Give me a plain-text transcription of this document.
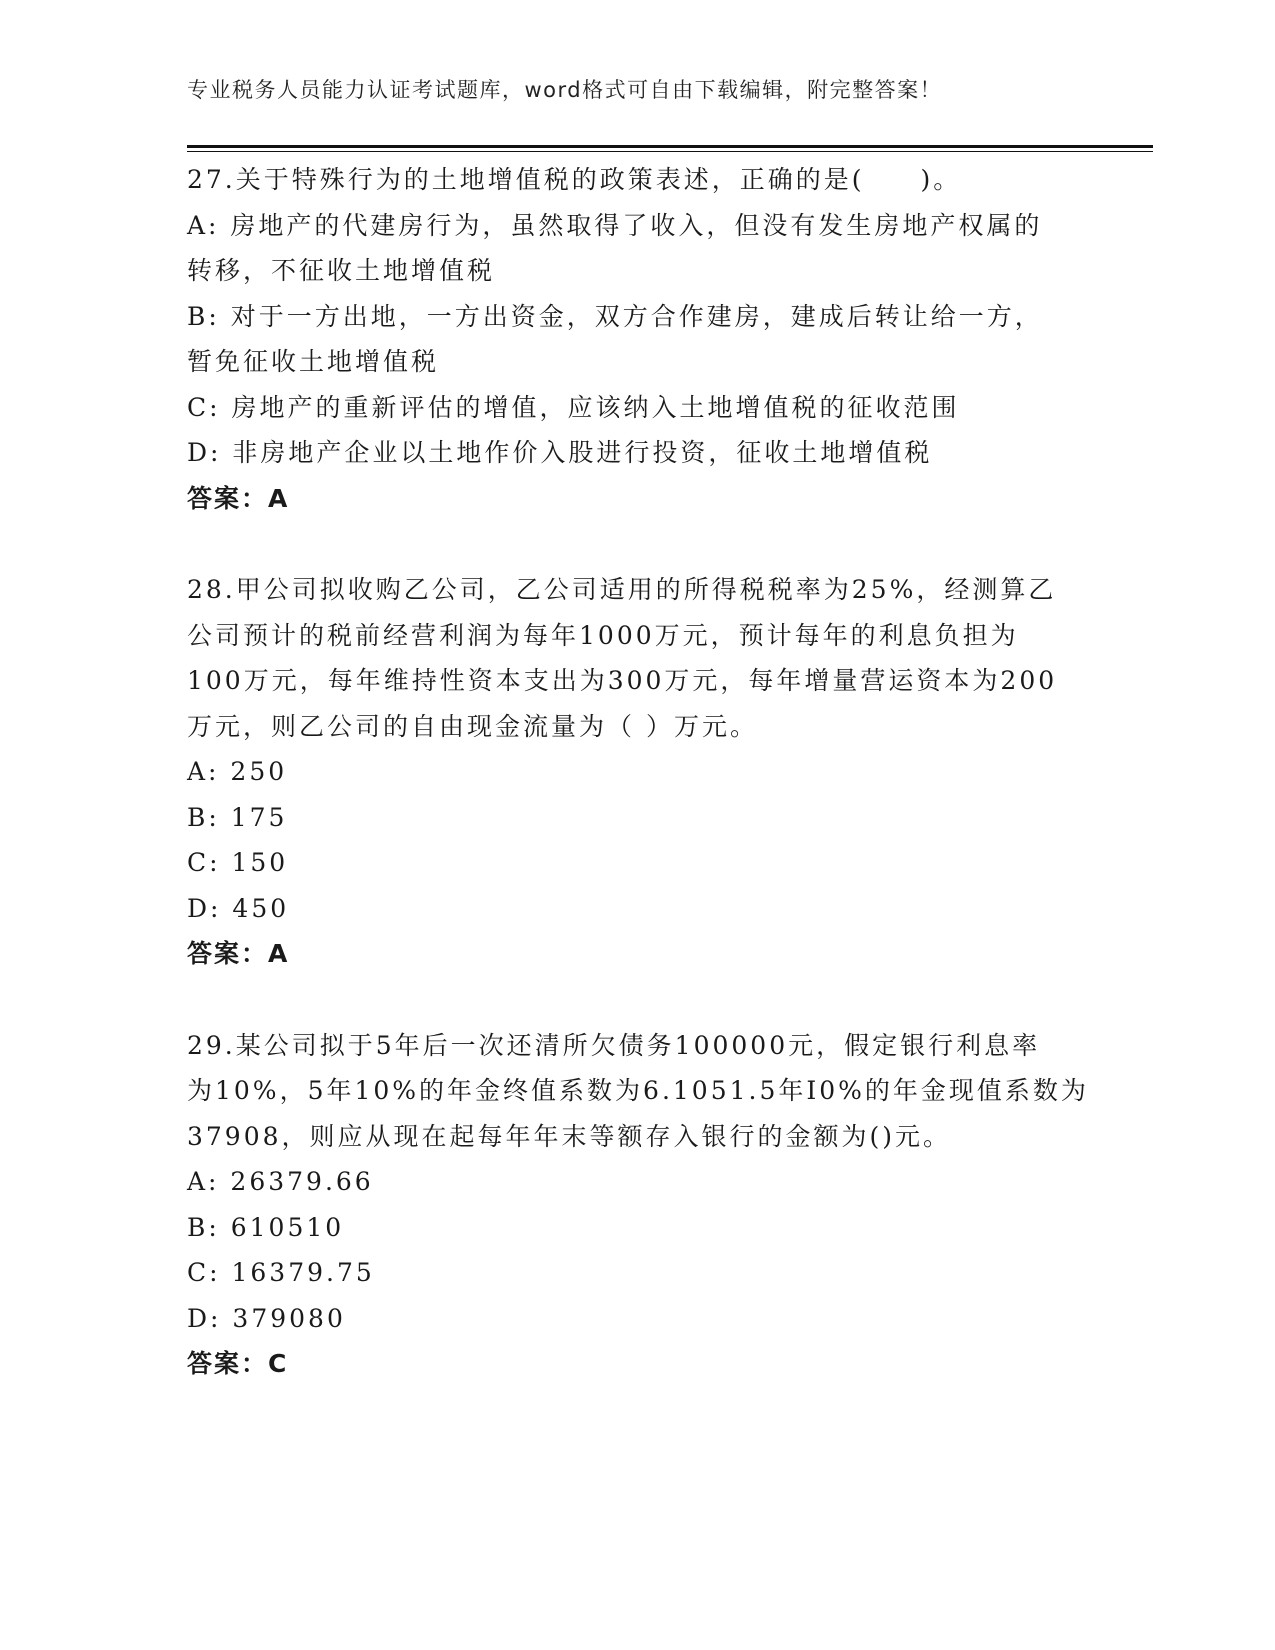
专业税务人员能力认证考试题库，word格式可自由下载编辑，附完整答案！
27.关于特殊行为的土地增值税的政策表述，正确的是(　　)。
A: 房地产的代建房行为，虽然取得了收入，但没有发生房地产权属的
转移，不征收土地增值税
B: 对于一方出地，一方出资金，双方合作建房，建成后转让给一方，
暂免征收土地增值税
C: 房地产的重新评估的增值，应该纳入土地增值税的征收范围
D: 非房地产企业以土地作价入股进行投资，征收土地增值税
答案：A
28.甲公司拟收购乙公司，乙公司适用的所得税税率为25%，经测算乙
公司预计的税前经营利润为每年1000万元，预计每年的利息负担为
100万元，每年维持性资本支出为300万元，每年增量营运资本为200
万元，则乙公司的自由现金流量为（ ）万元。
A: 250
B: 175
C: 150
D: 450
答案：A
29.某公司拟于5年后一次还清所欠债务100000元，假定银行利息率
为10%，5年10%的年金终值系数为6.1051.5年I0%的年金现值系数为
37908，则应从现在起每年年末等额存入银行的金额为()元。
A: 26379.66
B: 610510
C: 16379.75
D: 379080
答案：C
